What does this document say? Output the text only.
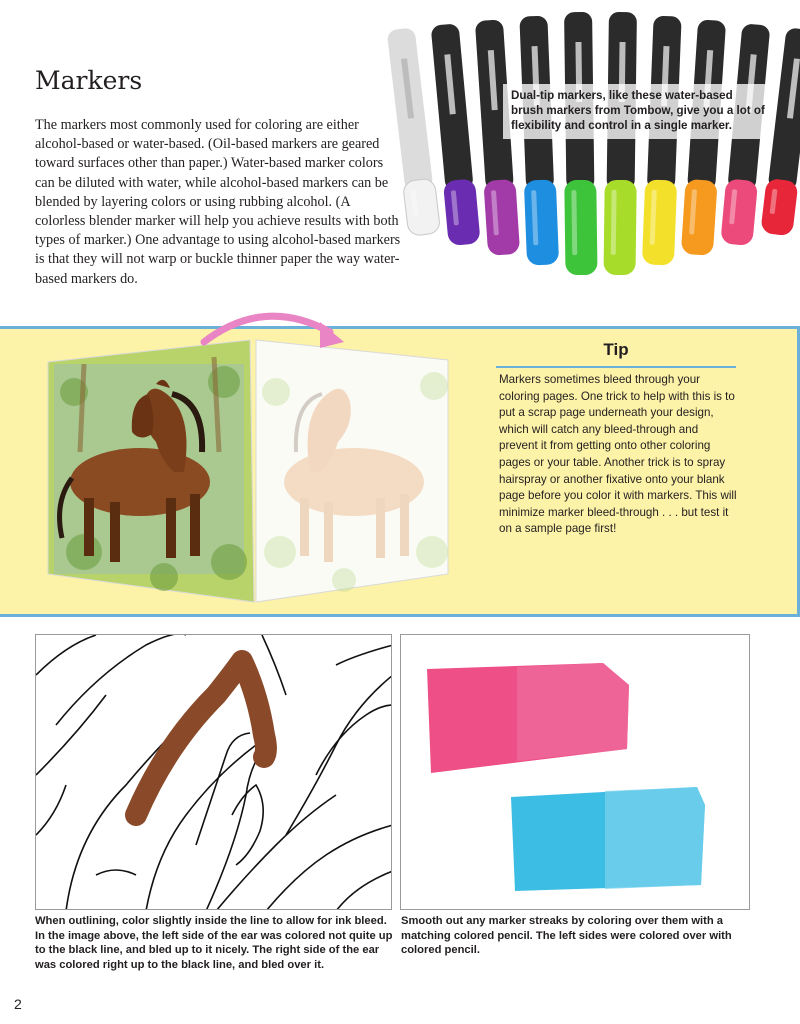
Markers

The markers most commonly used for coloring are either alcohol-based or water-based. (Oil-based markers are geared toward surfaces other than paper.) Water-based marker colors can be diluted with water, while alcohol-based markers can be blended by layering colors or using rubbing alcohol. (A colorless blender marker will help you achieve results with both types of marker.) One advantage to using alcohol-based markers is that they will not warp or buckle thinner paper the way water-based markers do.

Dual-tip markers, like these water-based brush markers from Tombow, give you a lot of flexibility and control in a single marker.
Tip
Markers sometimes bleed through your coloring pages. One trick to help with this is to put a scrap page underneath your design, which will catch any bleed-through and prevent it from getting onto other coloring pages or your table. Another trick is to spray hairspray or another fixative onto your blank page before you color it with markers. This will minimize marker bleed-through . . . but test it on a sample page first!
When outlining, color slightly inside the line to allow for ink bleed. In the image above, the left side of the ear was colored not quite up to the black line, and bled up to it nicely. The right side of the ear was colored right up to the black line, and bled over it.
Smooth out any marker streaks by coloring over them with a matching colored pencil. The left sides were colored over with colored pencil.
2
